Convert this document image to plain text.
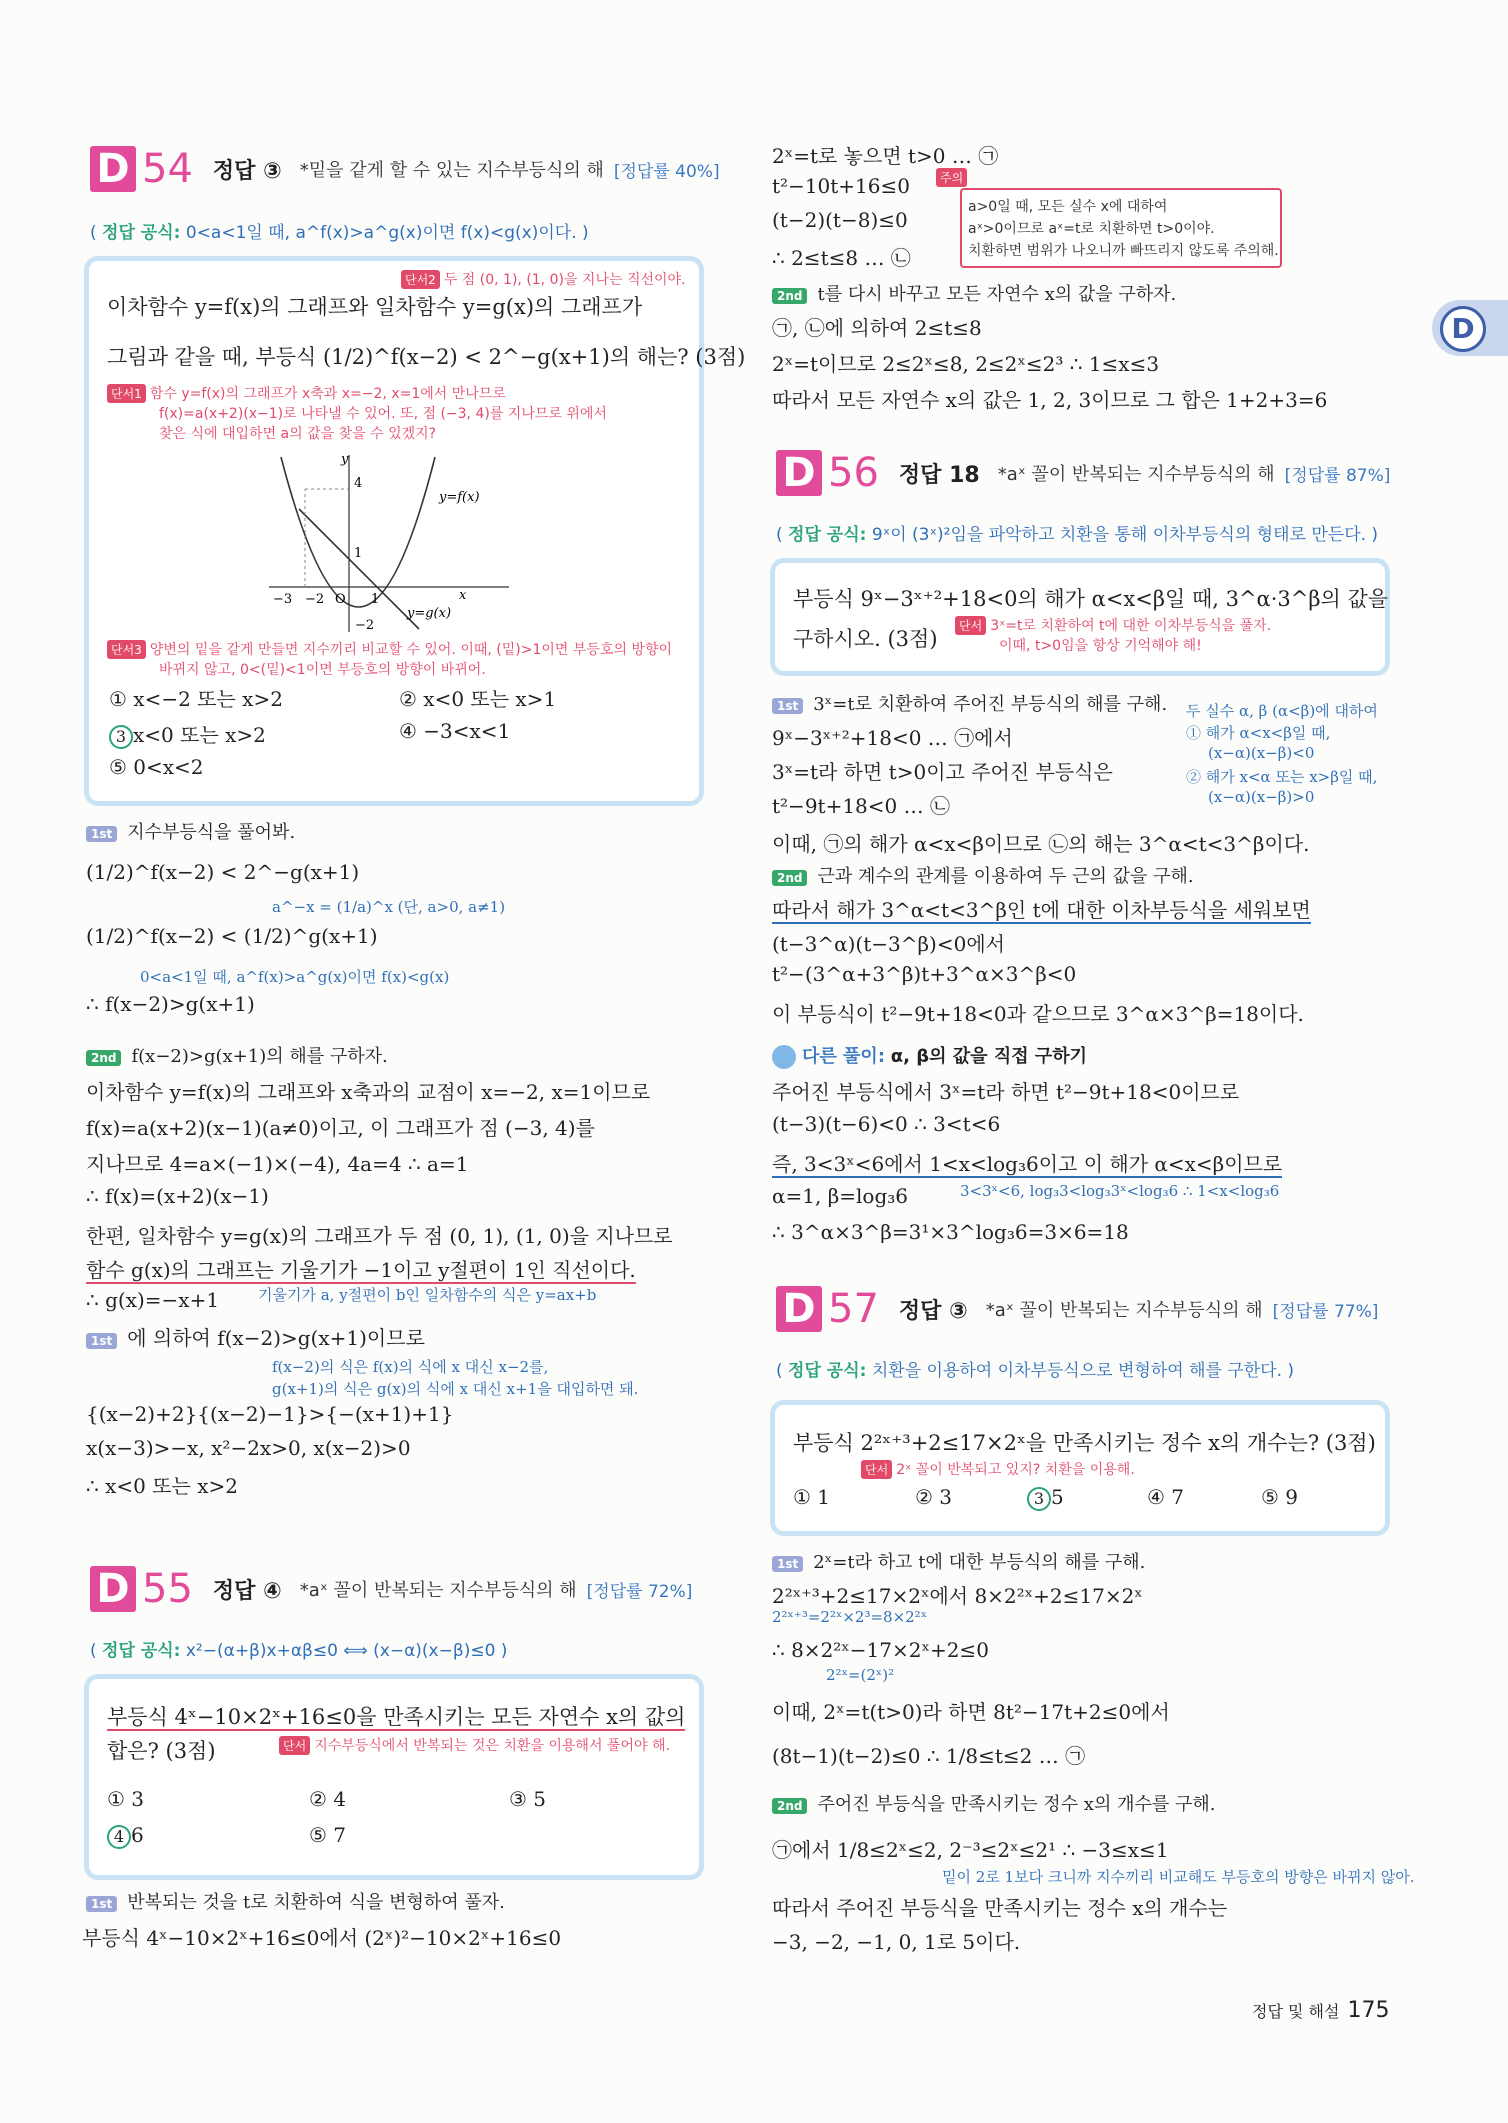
D
D 54 정답 ③ *밑을 같게 할 수 있는 지수부등식의 해 [정답률 40%]
( 정답 공식: 0<a<1일 때, a^f(x)>a^g(x)이면 f(x)<g(x)이다. )
단서2 두 점 (0, 1), (1, 0)을 지나는 직선이야.
이차함수 y=f(x)의 그래프와 일차함수 y=g(x)의 그래프가
그림과 같을 때, 부등식 (1/2)^f(x−2) < 2^−g(x+1)의 해는? (3점)
단서1 함수 y=f(x)의 그래프가 x축과 x=−2, x=1에서 만나므로
f(x)=a(x+2)(x−1)로 나타낼 수 있어. 또, 점 (−3, 4)를 지나므로 위에서
찾은 식에 대입하면 a의 값을 찾을 수 있겠지?
4
1
−3 −2 O 1
y
x
−2
y=f(x)
y=g(x)
단서3 양변의 밑을 같게 만들면 지수끼리 비교할 수 있어. 이때, (밑)>1이면 부등호의 방향이
바뀌지 않고, 0<(밑)<1이면 부등호의 방향이 바뀌어.
① x<−2 또는 x>2	② x<0 또는 x>1
3 x<0 또는 x>2	④ −3<x<1
⑤ 0<x<2
1st 지수부등식을 풀어봐.
(1/2)^f(x−2) < 2^−g(x+1)
a^−x = (1/a)^x (단, a>0, a≠1)
(1/2)^f(x−2) < (1/2)^g(x+1)
0<a<1일 때, a^f(x)>a^g(x)이면 f(x)<g(x)
∴ f(x−2)>g(x+1)
2nd f(x−2)>g(x+1)의 해를 구하자.
이차함수 y=f(x)의 그래프와 x축과의 교점이 x=−2, x=1이므로
f(x)=a(x+2)(x−1)(a≠0)이고, 이 그래프가 점 (−3, 4)를
지나므로 4=a×(−1)×(−4), 4a=4 ∴ a=1
∴ f(x)=(x+2)(x−1)
한편, 일차함수 y=g(x)의 그래프가 두 점 (0, 1), (1, 0)을 지나므로
함수 g(x)의 그래프는 기울기가 −1이고 y절편이 1인 직선이다.
∴ g(x)=−x+1	기울기가 a, y절편이 b인 일차함수의 식은 y=ax+b
1st 에 의하여 f(x−2)>g(x+1)이므로
f(x−2)의 식은 f(x)의 식에 x 대신 x−2를,
g(x+1)의 식은 g(x)의 식에 x 대신 x+1을 대입하면 돼.
{(x−2)+2}{(x−2)−1}>{−(x+1)+1}
x(x−3)>−x, x²−2x>0, x(x−2)>0
∴ x<0 또는 x>2
D 55 정답 ④ *aˣ 꼴이 반복되는 지수부등식의 해 [정답률 72%]
( 정답 공식: x²−(α+β)x+αβ≤0 ⟺ (x−α)(x−β)≤0 )
부등식 4ˣ−10×2ˣ+16≤0을 만족시키는 모든 자연수 x의 값의
합은? (3점)	단서 지수부등식에서 반복되는 것은 치환을 이용해서 풀어야 해.
① 3	② 4	③ 5
4 6	⑤ 7
1st 반복되는 것을 t로 치환하여 식을 변형하여 풀자.
부등식 4ˣ−10×2ˣ+16≤0에서 (2ˣ)²−10×2ˣ+16≤0
2ˣ=t로 놓으면 t>0 … ㉠
t²−10t+16≤0
(t−2)(t−8)≤0
∴ 2≤t≤8 … ㉡
a>0일 때, 모든 실수 x에 대하여
aˣ>0이므로 aˣ=t로 치환하면 t>0이야.
치환하면 범위가 나오니까 빠뜨리지 않도록 주의해.
주의
2nd t를 다시 바꾸고 모든 자연수 x의 값을 구하자.
㉠, ㉡에 의하여 2≤t≤8
2ˣ=t이므로 2≤2ˣ≤8, 2≤2ˣ≤2³ ∴ 1≤x≤3
따라서 모든 자연수 x의 값은 1, 2, 3이므로 그 합은 1+2+3=6
D 56 정답 18 *aˣ 꼴이 반복되는 지수부등식의 해 [정답률 87%]
( 정답 공식: 9ˣ이 (3ˣ)²임을 파악하고 치환을 통해 이차부등식의 형태로 만든다. )
부등식 9ˣ−3ˣ⁺²+18<0의 해가 α<x<β일 때, 3^α·3^β의 값을
구하시오. (3점)
단서 3ˣ=t로 치환하여 t에 대한 이차부등식을 풀자.
이때, t>0임을 항상 기억해야 해!
1st 3ˣ=t로 치환하여 주어진 부등식의 해를 구해. 두 실수 α, β (α<β)에 대하여
① 해가 α<x<β일 때,
(x−α)(x−β)<0
② 해가 x<α 또는 x>β일 때,
(x−α)(x−β)>0
9ˣ−3ˣ⁺²+18<0 … ㉠에서
3ˣ=t라 하면 t>0이고 주어진 부등식은
t²−9t+18<0 … ㉡
이때, ㉠의 해가 α<x<β이므로 ㉡의 해는 3^α<t<3^β이다.
2nd 근과 계수의 관계를 이용하여 두 근의 값을 구해.
따라서 해가 3^α<t<3^β인 t에 대한 이차부등식을 세워보면
(t−3^α)(t−3^β)<0에서
t²−(3^α+3^β)t+3^α×3^β<0
이 부등식이 t²−9t+18<0과 같으므로 3^α×3^β=18이다.
다른 풀이: α, β의 값을 직접 구하기
주어진 부등식에서 3ˣ=t라 하면 t²−9t+18<0이므로
(t−3)(t−6)<0 ∴ 3<t<6
즉, 3<3ˣ<6에서 1<x<log₃6이고 이 해가 α<x<β이므로
α=1, β=log₃6	3<3ˣ<6, log₃3<log₃3ˣ<log₃6 ∴ 1<x<log₃6
∴ 3^α×3^β=3¹×3^log₃6=3×6=18
D 57 정답 ③ *aˣ 꼴이 반복되는 지수부등식의 해 [정답률 77%]
( 정답 공식: 치환을 이용하여 이차부등식으로 변형하여 해를 구한다. )
부등식 2²ˣ⁺³+2≤17×2ˣ을 만족시키는 정수 x의 개수는? (3점)
단서 2ˣ 꼴이 반복되고 있지? 치환을 이용해.
① 1	② 3	3 5	④ 7	⑤ 9
1st 2ˣ=t라 하고 t에 대한 부등식의 해를 구해.
2²ˣ⁺³+2≤17×2ˣ에서 8×2²ˣ+2≤17×2ˣ
2²ˣ⁺³=2²ˣ×2³=8×2²ˣ
∴ 8×2²ˣ−17×2ˣ+2≤0
2²ˣ=(2ˣ)²
이때, 2ˣ=t(t>0)라 하면 8t²−17t+2≤0에서
(8t−1)(t−2)≤0 ∴ 1/8≤t≤2 … ㉠
2nd 주어진 부등식을 만족시키는 정수 x의 개수를 구해.
㉠에서 1/8≤2ˣ≤2, 2⁻³≤2ˣ≤2¹ ∴ −3≤x≤1
밑이 2로 1보다 크니까 지수끼리 비교해도 부등호의 방향은 바뀌지 않아.
따라서 주어진 부등식을 만족시키는 정수 x의 개수는
−3, −2, −1, 0, 1로 5이다.
정답 및 해설 175
